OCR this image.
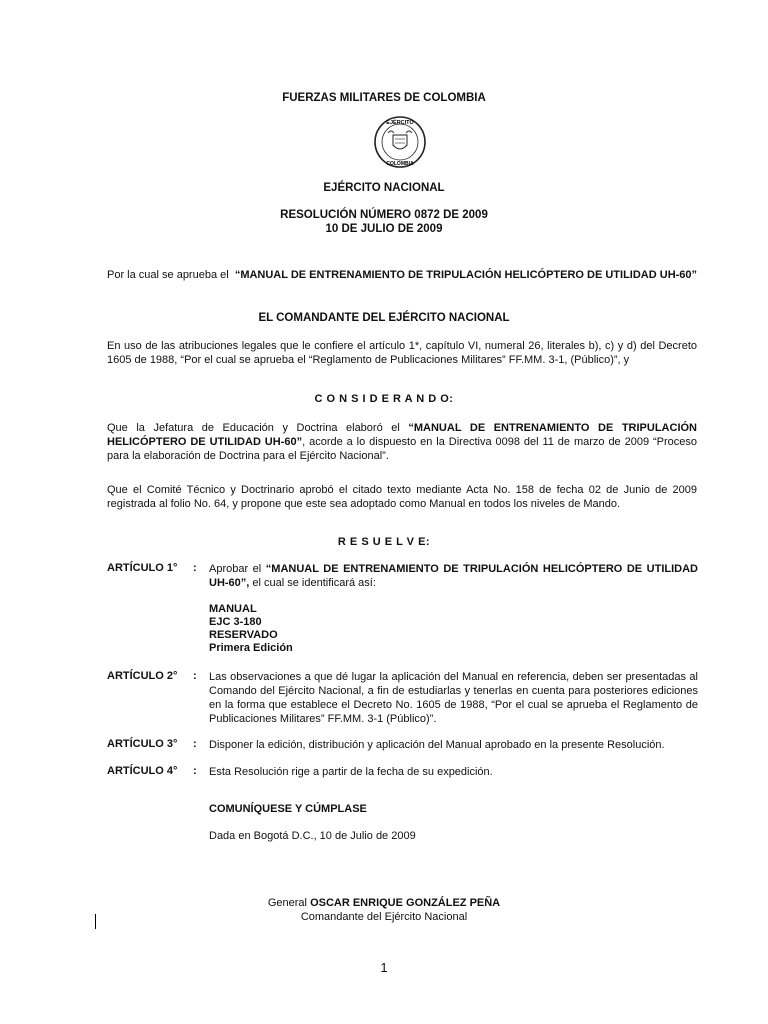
FUERZAS MILITARES DE COLOMBIA
EJÉRCITO
COLOMBIA
EJÉRCITO NACIONAL
RESOLUCIÓN NÚMERO 0872 DE 2009
10 DE JULIO DE 2009

Por la cual se aprueba el “MANUAL DE ENTRENAMIENTO DE TRIPULACIÓN HELICÓPTERO DE UTILIDAD UH-60”

EL COMANDANTE DEL EJÉRCITO NACIONAL

En uso de las atribuciones legales que le confiere el artículo 1*, capítulo VI, numeral 26, literales b), c) y d) del Decreto 1605 de 1988, “Por el cual se aprueba el “Reglamento de Publicaciones Militares” FF.MM. 3-1, (Público)”, y

C O N S I D E R A N D O:

Que la Jefatura de Educación y Doctrina elaboró el “MANUAL DE ENTRENAMIENTO DE TRIPULACIÓN HELICÓPTERO DE UTILIDAD UH-60”, acorde a lo dispuesto en la Directiva 0098 del 11 de marzo de 2009 “Proceso para la elaboración de Doctrina para el Ejército Nacional”.

Que el Comité Técnico y Doctrinario aprobó el citado texto mediante Acta No. 158 de fecha 02 de Junio de 2009 registrada al folio No. 64, y propone que este sea adoptado como Manual en todos los niveles de Mando.

R E S U E L V E:
ARTÍCULO 1° : Aprobar el “MANUAL DE ENTRENAMIENTO DE TRIPULACIÓN HELICÓPTERO DE UTILIDAD UH-60”, el cual se identificará así:
MANUAL
EJC 3-180
RESERVADO
Primera Edición
ARTÍCULO 2° : Las observaciones a que dé lugar la aplicación del Manual en referencia, deben ser presentadas al Comando del Ejército Nacional, a fin de estudiarlas y tenerlas en cuenta para posteriores ediciones en la forma que establece el Decreto No. 1605 de 1988, “Por el cual se aprueba el Reglamento de Publicaciones Militares” FF.MM. 3-1 (Público)”.
ARTÍCULO 3° : Disponer la edición, distribución y aplicación del Manual aprobado en la presente Resolución.
ARTÍCULO 4° : Esta Resolución rige a partir de la fecha de su expedición.
COMUNÍQUESE Y CÚMPLASE
Dada en Bogotá D.C., 10 de Julio de 2009
General OSCAR ENRIQUE GONZÁLEZ PEÑA
Comandante del Ejército Nacional
1
